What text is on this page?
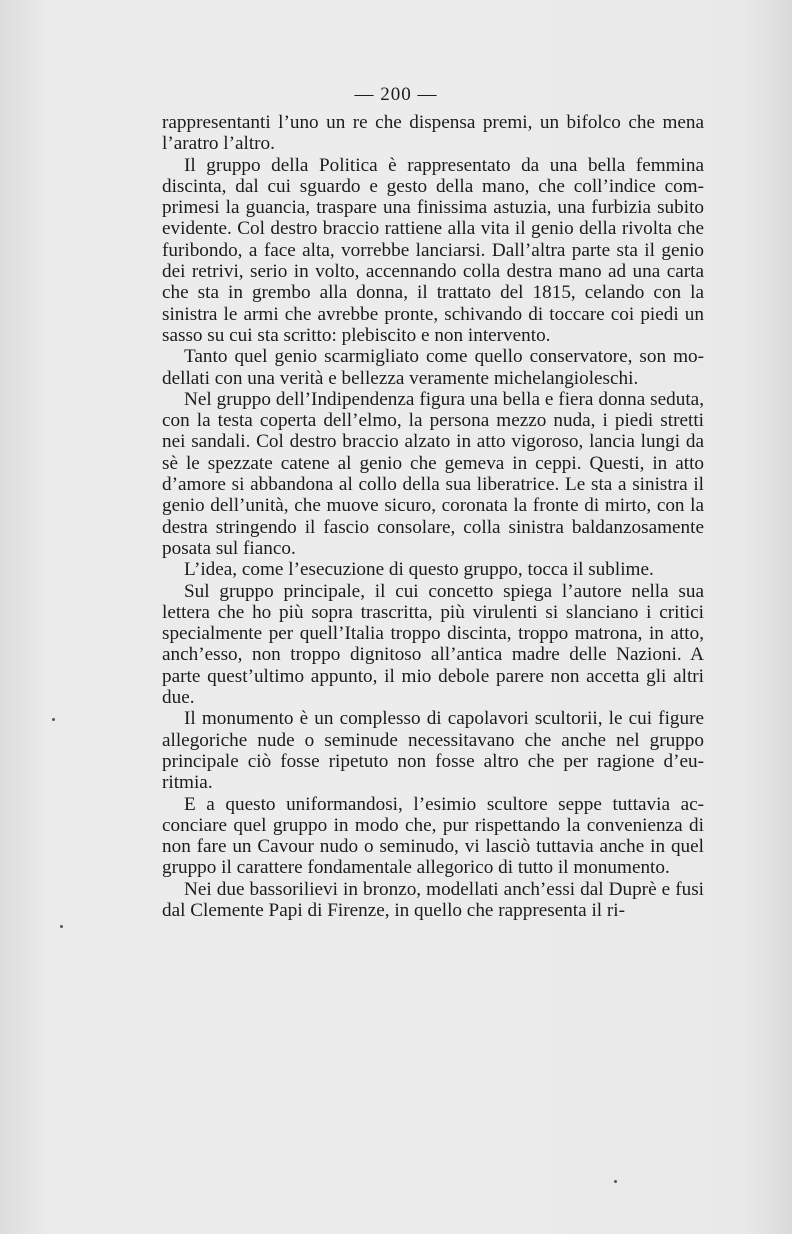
— 200 —

rappresentanti l’uno un re che dispensa premi, un bifolco che mena l’aratro l’altro.

Il gruppo della Politica è rappresentato da una bella femmina discinta, dal cui sguardo e gesto della mano, che coll’indice comprimesi la guancia, traspare una finissima astuzia, una furbizia subito evidente. Col destro braccio rattiene alla vita il genio della rivolta che furibondo, a face alta, vorrebbe lanciarsi. Dall’altra parte sta il genio dei retrivi, serio in volto, accennando colla destra mano ad una carta che sta in grembo alla donna, il trattato del 1815, celando con la sinistra le armi che avrebbe pronte, schivando di toccare coi piedi un sasso su cui sta scritto: plebiscito e non intervento.

Tanto quel genio scarmigliato come quello conservatore, son modellati con una verità e bellezza veramente michelangioleschi.

Nel gruppo dell’Indipendenza figura una bella e fiera donna seduta, con la testa coperta dell’elmo, la persona mezzo nuda, i piedi stretti nei sandali. Col destro braccio alzato in atto vigoroso, lancia lungi da sè le spezzate catene al genio che gemeva in ceppi. Questi, in atto d’amore si abbandona al collo della sua liberatrice. Le sta a sinistra il genio dell’unità, che muove sicuro, coronata la fronte di mirto, con la destra stringendo il fascio consolare, colla sinistra baldanzosamente posata sul fianco.

L’idea, come l’esecuzione di questo gruppo, tocca il sublime.

Sul gruppo principale, il cui concetto spiega l’autore nella sua lettera che ho più sopra trascritta, più virulenti si slanciano i critici specialmente per quell’Italia troppo discinta, troppo matrona, in atto, anch’esso, non troppo dignitoso all’antica madre delle Nazioni. A parte quest’ultimo appunto, il mio debole parere non accetta gli altri due.

Il monumento è un complesso di capolavori scultorii, le cui figure allegoriche nude o seminude necessitavano che anche nel gruppo principale ciò fosse ripetuto non fosse altro che per ragione d’euritmia.

E a questo uniformandosi, l’esimio scultore seppe tuttavia acconciare quel gruppo in modo che, pur rispettando la convenienza di non fare un Cavour nudo o seminudo, vi lasciò tuttavia anche in quel gruppo il carattere fondamentale allegorico di tutto il monumento.

Nei due bassorilievi in bronzo, modellati anch’essi dal Duprè e fusi dal Clemente Papi di Firenze, in quello che rappresenta il ri-
